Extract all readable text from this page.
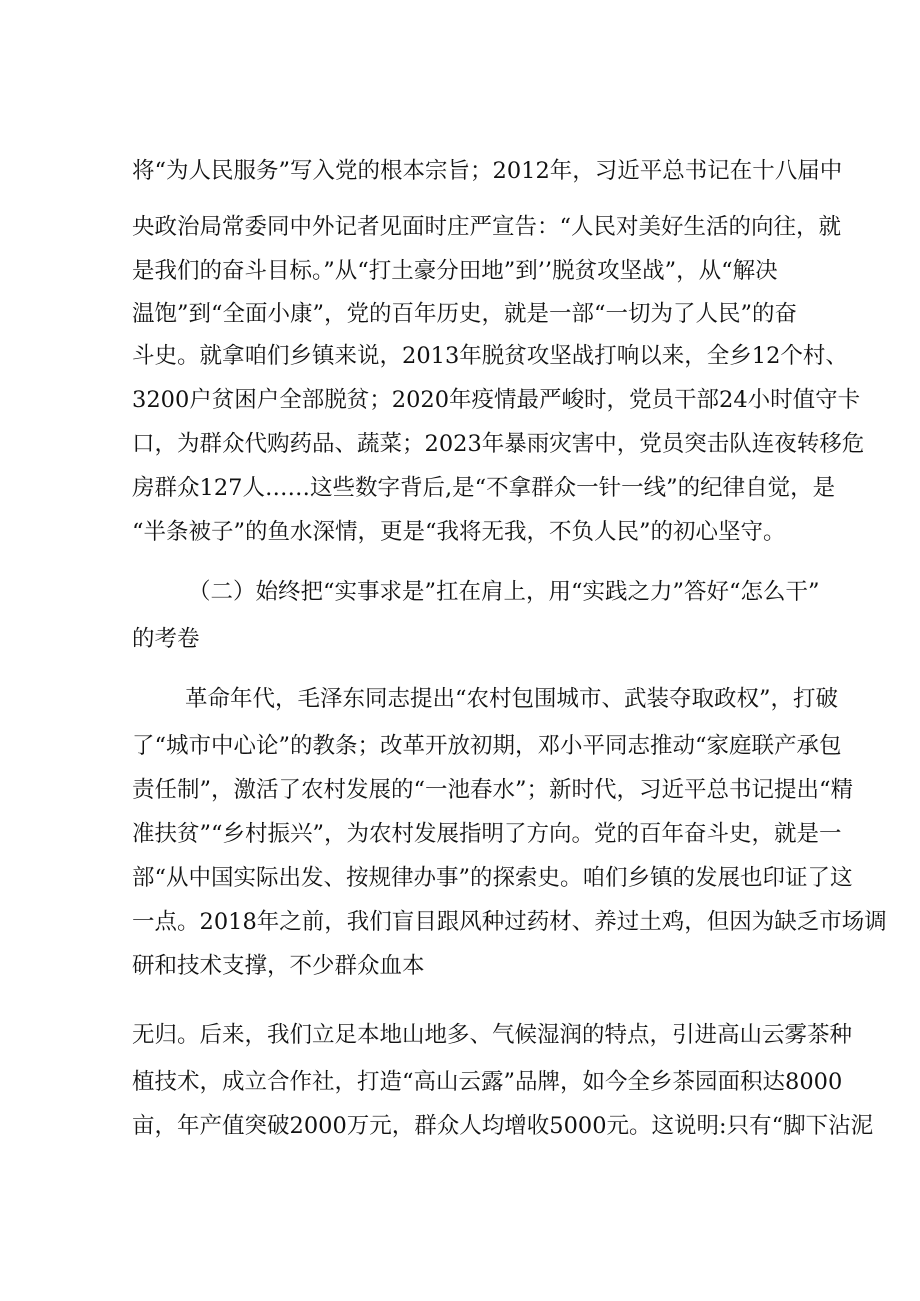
将“为人民服务”写入党的根本宗旨；2012年，习近平总书记在十八届中
央政治局常委同中外记者见面时庄严宣告：“人民对美好生活的向往，就
是我们的奋斗目标。”从“打土豪分田地”到’’脱贫攻坚战”，从“解决
温饱”到“全面小康”，党的百年历史，就是一部“一切为了人民”的奋
斗史。就拿咱们乡镇来说，2013年脱贫攻坚战打响以来，全乡12个村、
3200户贫困户全部脱贫；2020年疫情最严峻时，党员干部24小时值守卡
口，为群众代购药品、蔬菜；2023年暴雨灾害中，党员突击队连夜转移危
房群众127人……这些数字背后,是“不拿群众一针一线”的纪律自觉，是
“半条被子”的鱼水深情，更是“我将无我，不负人民”的初心坚守。
（二）始终把“实事求是”扛在肩上，用“实践之力”答好“怎么干”
的考卷
革命年代，毛泽东同志提出“农村包围城市、武装夺取政权”，打破
了“城市中心论”的教条；改革开放初期，邓小平同志推动“家庭联产承包
责任制”，激活了农村发展的“一池春水”；新时代，习近平总书记提出“精
准扶贫”“乡村振兴”，为农村发展指明了方向。党的百年奋斗史，就是一
部“从中国实际出发、按规律办事”的探索史。咱们乡镇的发展也印证了这
一点。2018年之前，我们盲目跟风种过药材、养过土鸡，但因为缺乏市场调
研和技术支撑，不少群众血本
无归。后来，我们立足本地山地多、气候湿润的特点，引进高山云雾茶种
植技术，成立合作社，打造“高山云露”品牌，如今全乡茶园面积达8000
亩，年产值突破2000万元，群众人均增收5000元。这说明:只有“脚下沾泥
